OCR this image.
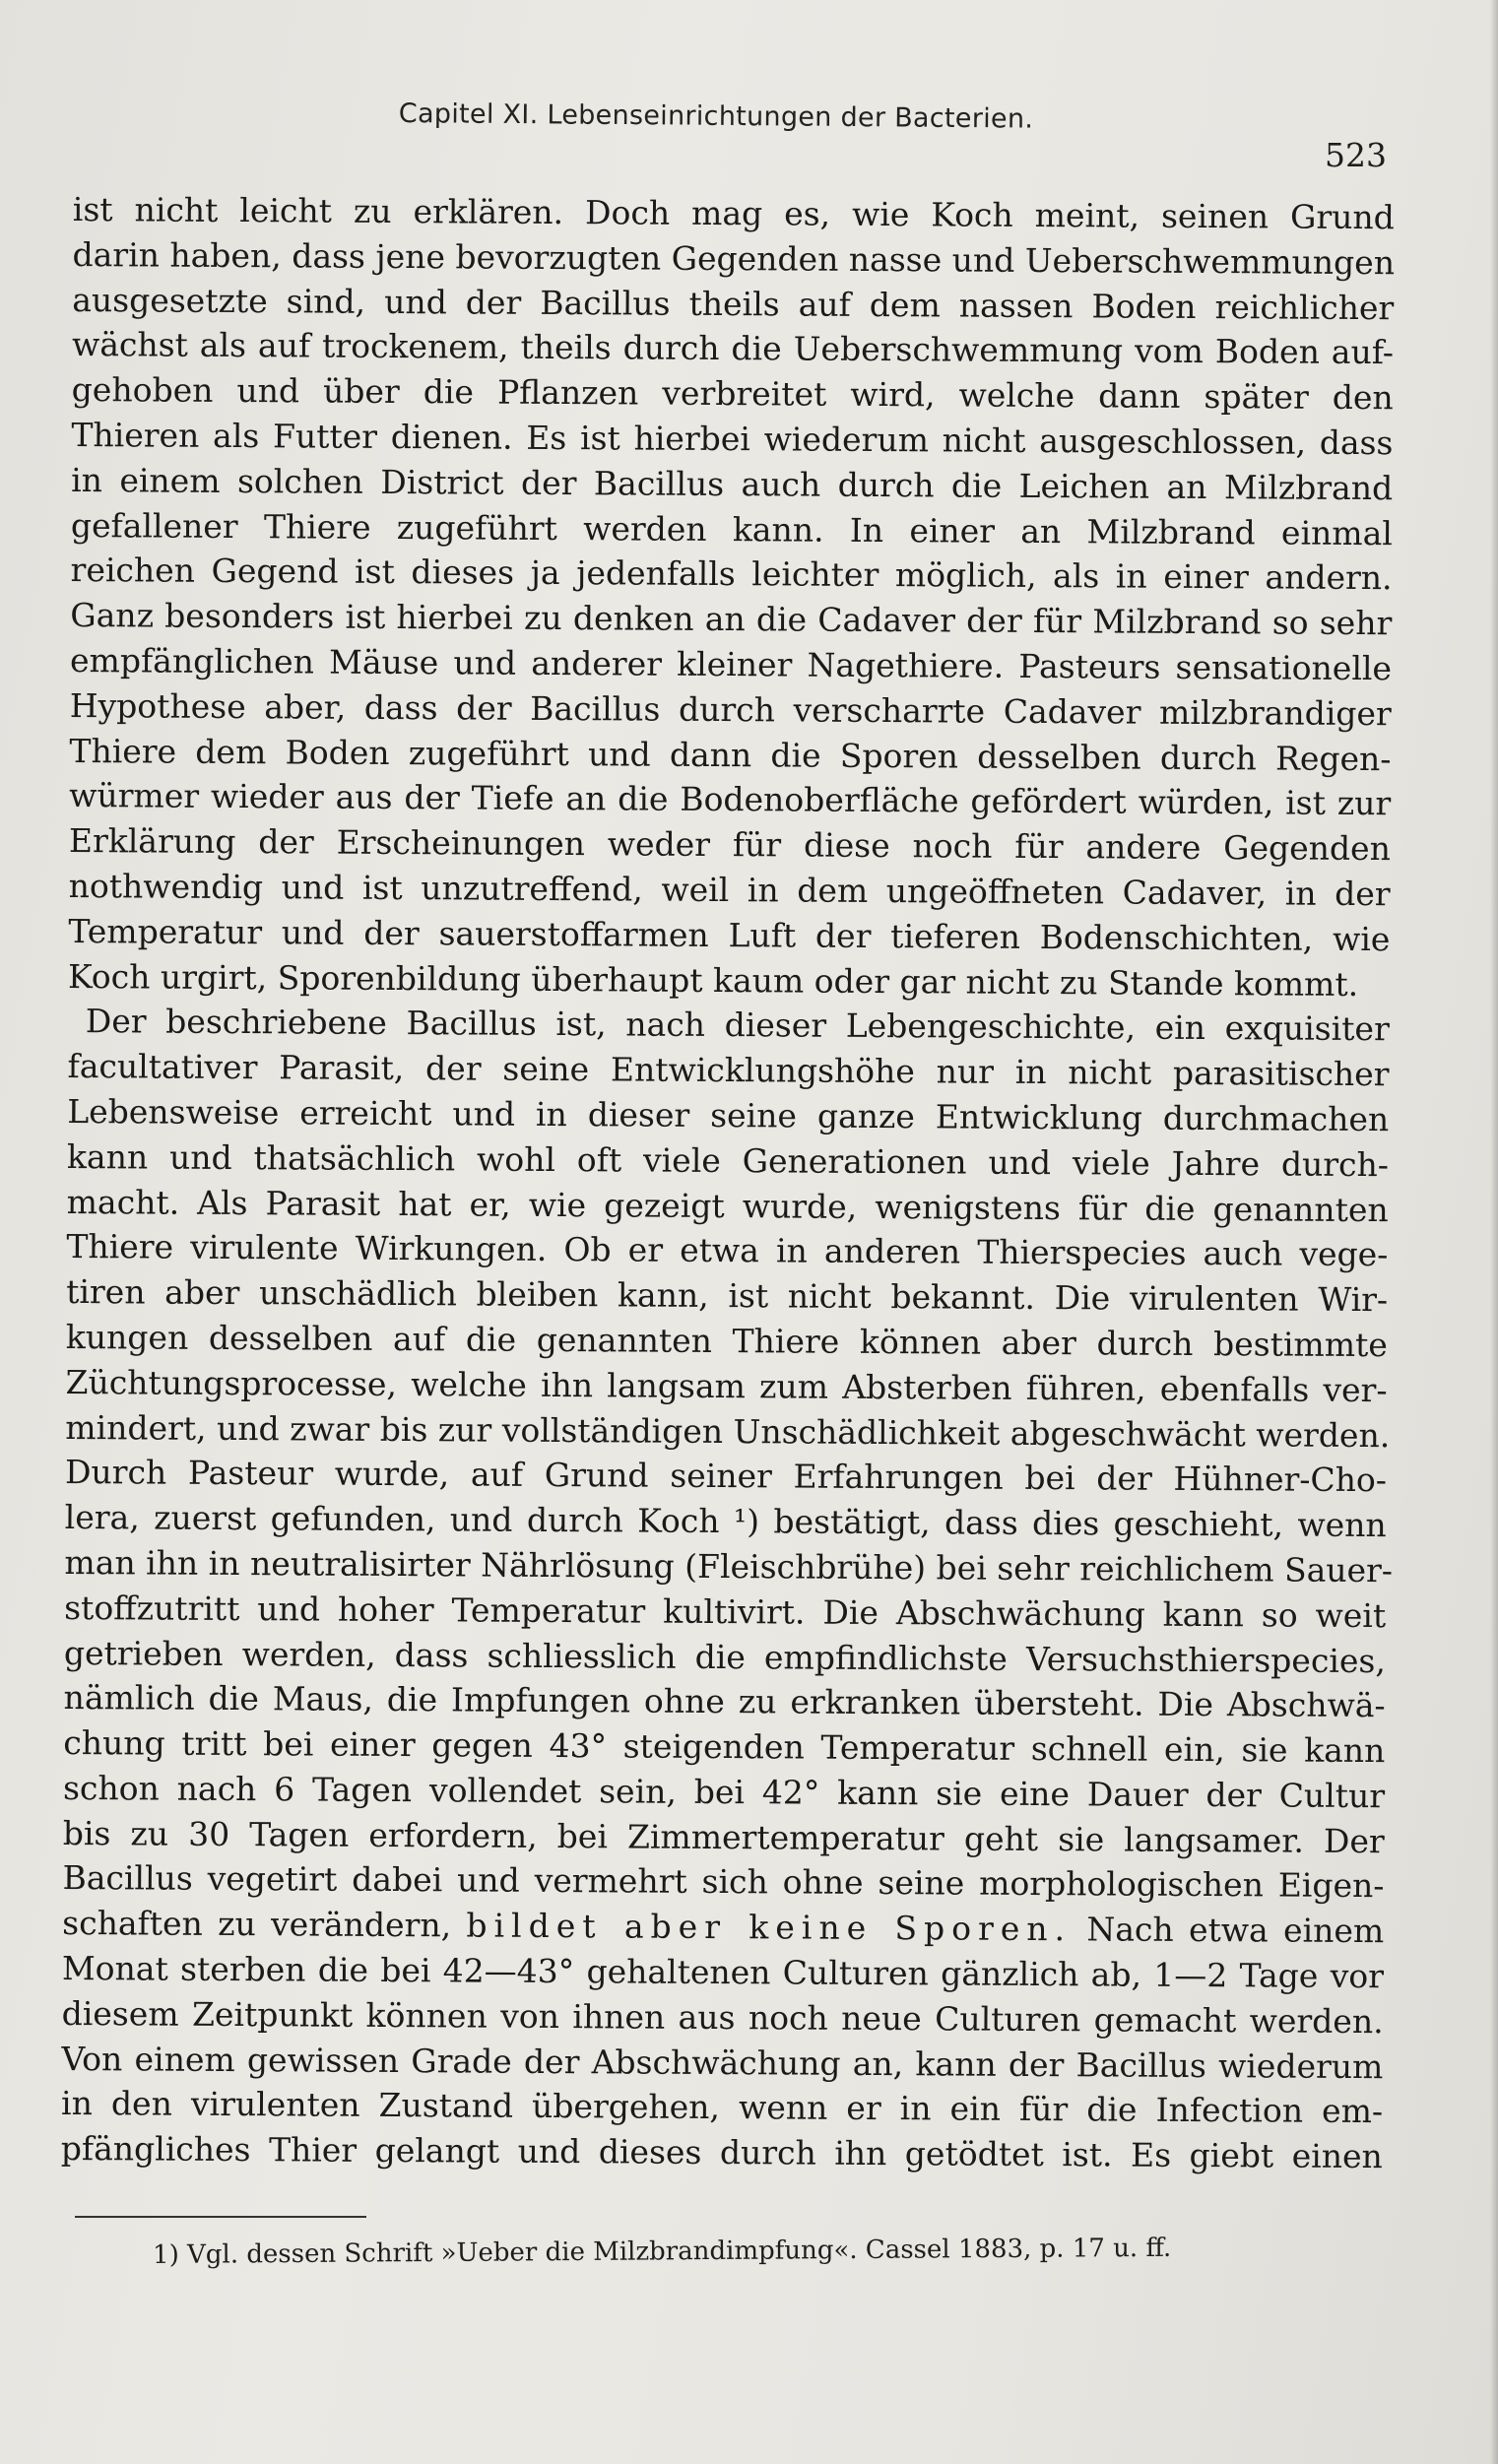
Capitel XI. Lebenseinrichtungen der Bacterien.
523
ist nicht leicht zu erklären. Doch mag es, wie Koch meint, seinen Grund
darin haben, dass jene bevorzugten Gegenden nasse und Ueberschwemmungen
ausgesetzte sind, und der Bacillus theils auf dem nassen Boden reichlicher
wächst als auf trockenem, theils durch die Ueberschwemmung vom Boden auf-
gehoben und über die Pflanzen verbreitet wird, welche dann später den
Thieren als Futter dienen. Es ist hierbei wiederum nicht ausgeschlossen, dass
in einem solchen District der Bacillus auch durch die Leichen an Milzbrand
gefallener Thiere zugeführt werden kann. In einer an Milzbrand einmal
reichen Gegend ist dieses ja jedenfalls leichter möglich, als in einer andern.
Ganz besonders ist hierbei zu denken an die Cadaver der für Milzbrand so sehr
empfänglichen Mäuse und anderer kleiner Nagethiere. Pasteurs sensationelle
Hypothese aber, dass der Bacillus durch verscharrte Cadaver milzbrandiger
Thiere dem Boden zugeführt und dann die Sporen desselben durch Regen-
würmer wieder aus der Tiefe an die Bodenoberfläche gefördert würden, ist zur
Erklärung der Erscheinungen weder für diese noch für andere Gegenden
nothwendig und ist unzutreffend, weil in dem ungeöffneten Cadaver, in der
Temperatur und der sauerstoffarmen Luft der tieferen Bodenschichten, wie
Koch urgirt, Sporenbildung überhaupt kaum oder gar nicht zu Stande kommt.
Der beschriebene Bacillus ist, nach dieser Lebengeschichte, ein exquisiter
facultativer Parasit, der seine Entwicklungshöhe nur in nicht parasitischer
Lebensweise erreicht und in dieser seine ganze Entwicklung durchmachen
kann und thatsächlich wohl oft viele Generationen und viele Jahre durch-
macht. Als Parasit hat er, wie gezeigt wurde, wenigstens für die genannten
Thiere virulente Wirkungen. Ob er etwa in anderen Thierspecies auch vege-
tiren aber unschädlich bleiben kann, ist nicht bekannt. Die virulenten Wir-
kungen desselben auf die genannten Thiere können aber durch bestimmte
Züchtungsprocesse, welche ihn langsam zum Absterben führen, ebenfalls ver-
mindert, und zwar bis zur vollständigen Unschädlichkeit abgeschwächt werden.
Durch Pasteur wurde, auf Grund seiner Erfahrungen bei der Hühner-Cho-
lera, zuerst gefunden, und durch Koch ¹) bestätigt, dass dies geschieht, wenn
man ihn in neutralisirter Nährlösung (Fleischbrühe) bei sehr reichlichem Sauer-
stoffzutritt und hoher Temperatur kultivirt. Die Abschwächung kann so weit
getrieben werden, dass schliesslich die empfindlichste Versuchsthierspecies,
nämlich die Maus, die Impfungen ohne zu erkranken übersteht. Die Abschwä-
chung tritt bei einer gegen 43° steigenden Temperatur schnell ein, sie kann
schon nach 6 Tagen vollendet sein, bei 42° kann sie eine Dauer der Cultur
bis zu 30 Tagen erfordern, bei Zimmertemperatur geht sie langsamer. Der
Bacillus vegetirt dabei und vermehrt sich ohne seine morphologischen Eigen-
schaften zu verändern, bildet aber keine Sporen. Nach etwa einem
Monat sterben die bei 42—43° gehaltenen Culturen gänzlich ab, 1—2 Tage vor
diesem Zeitpunkt können von ihnen aus noch neue Culturen gemacht werden.
Von einem gewissen Grade der Abschwächung an, kann der Bacillus wiederum
in den virulenten Zustand übergehen, wenn er in ein für die Infection em-
pfängliches Thier gelangt und dieses durch ihn getödtet ist. Es giebt einen
1) Vgl. dessen Schrift »Ueber die Milzbrandimpfung«. Cassel 1883, p. 17 u. ff.
